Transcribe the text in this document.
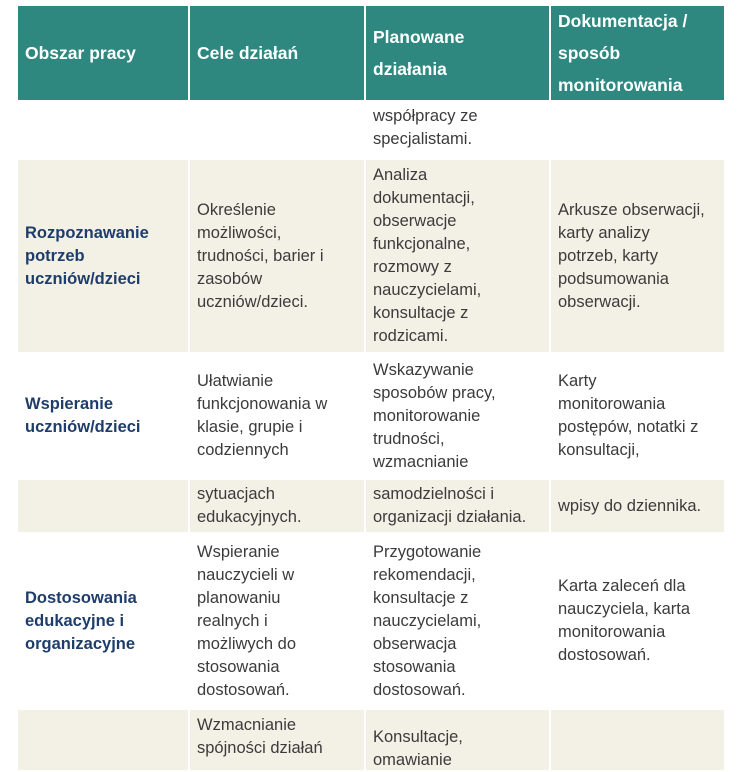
Obszar pracy	Cele działań
Planowane
działania
Dokumentacja /
sposób
monitorowania
współpracy ze
specjalistami.
Rozpoznawanie
potrzeb
uczniów/dzieci
Określenie
możliwości,
trudności, barier i
zasobów
uczniów/dzieci.
Analiza
dokumentacji,
obserwacje
funkcjonalne,
rozmowy z
nauczycielami,
konsultacje z
rodzicami.
Arkusze obserwacji,
karty analizy
potrzeb, karty
podsumowania
obserwacji.
Wspieranie
uczniów/dzieci
Ułatwianie
funkcjonowania w
klasie, grupie i
codziennych
Wskazywanie
sposobów pracy,
monitorowanie
trudności,
wzmacnianie
Karty
monitorowania
postępów, notatki z
konsultacji,
sytuacjach
edukacyjnych.
samodzielności i
organizacji działania.
wpisy do dziennika.
Dostosowania
edukacyjne i
organizacyjne
Wspieranie
nauczycieli w
planowaniu
realnych i
możliwych do
stosowania
dostosowań.
Przygotowanie
rekomendacji,
konsultacje z
nauczycielami,
obserwacja
stosowania
dostosowań.
Karta zaleceń dla
nauczyciela, karta
monitorowania
dostosowań.
Wzmacnianie
spójności działań
Konsultacje,
omawianie
